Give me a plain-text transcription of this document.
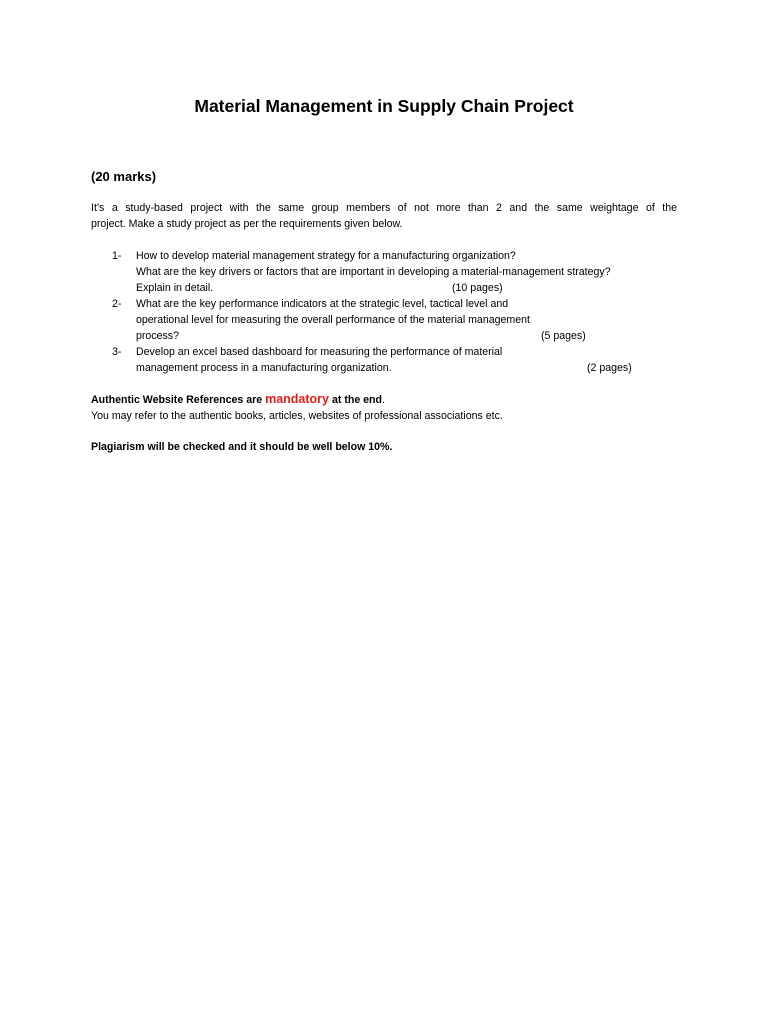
Material Management in Supply Chain Project
(20 marks)
It’s a study-based project with the same group members of not more than 2 and the same weightage of the
project. Make a study project as per the requirements given below.
1- How to develop material management strategy for a manufacturing organization?
What are the key drivers or factors that are important in developing a material-management strategy?
Explain in detail.	(10 pages)
2- What are the key performance indicators at the strategic level, tactical level and
operational level for measuring the overall performance of the material management
process?	(5 pages)
3- Develop an excel based dashboard for measuring the performance of material
management process in a manufacturing organization.	(2 pages)
Authentic Website References are mandatory at the end.
You may refer to the authentic books, articles, websites of professional associations etc.
Plagiarism will be checked and it should be well below 10%.
